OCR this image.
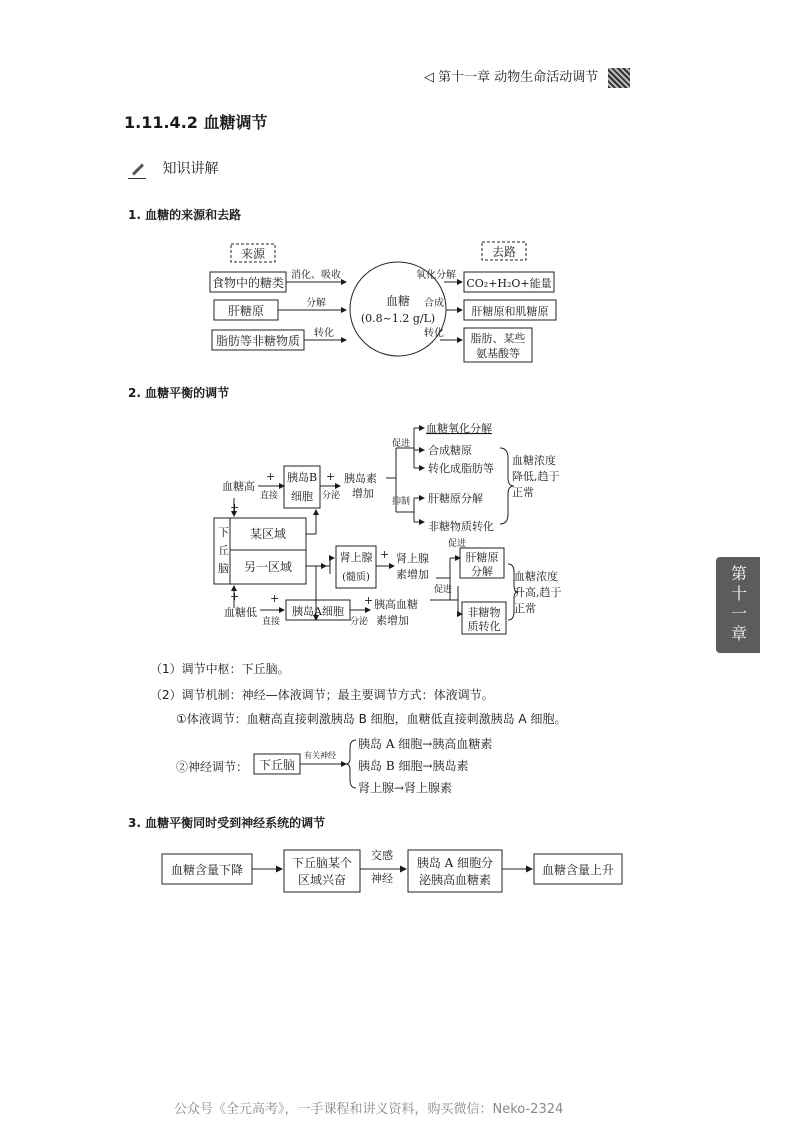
◁ 第十一章 动物生命活动调节
1.11.4.2 血糖调节
知识讲解
1. 血糖的来源和去路
来源	去路
食物中的糖类
肝糖原
脂肪等非糖物质
消化、吸收
分解
转化
血糖
(0.8~1.2 g/L)
氧化分解
合成
转化
CO₂+H₂O+能量
肝糖原和肌糖原
脂肪、某些
氨基酸等
2. 血糖平衡的调节
血糖高
+
直接
胰岛B
细胞
+
分泌
胰岛素
增加
促进
抑制
血糖氧化分解
合成糖原
转化成脂肪等
肝糖原分解
非糖物质转化
血糖浓度
降低,趋于
正常
+
下
丘
脑
某区域
另一区域
肾上腺
(髓质)
+ 肾上腺
素增加
促进
促进
肝糖原
分解
非糖物
质转化
血糖浓度
升高,趋于
正常
+
血糖低
+
直接
胰岛A细胞
+
分泌
胰高血糖
素增加
（1）调节中枢：下丘脑。
（2）调节机制：神经—体液调节；最主要调节方式：体液调节。
①体液调节：血糖高直接刺激胰岛 B 细胞，血糖低直接刺激胰岛 A 细胞。
②神经调节： 下丘脑
有关神经
胰岛 A 细胞→胰高血糖素
胰岛 B 细胞→胰岛素
肾上腺→肾上腺素
3. 血糖平衡同时受到神经系统的调节
血糖含量下降	下丘脑某个
区域兴奋
交感
神经
胰岛 A 细胞分
泌胰高血糖素
血糖含量上升
第十一章
公众号《全元高考》，一手课程和讲义资料，购买微信：Neko-2324
